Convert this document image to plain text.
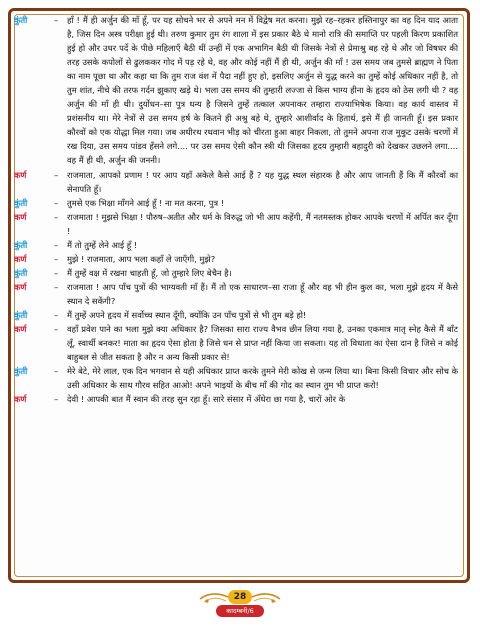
कुंती	–	हाँ ! मैं ही अर्जुन की माँ हूँ, पर यह सोचने भर से अपने मन में विद्वेष मत करना। मुझे रह–रहकर हस्तिनापुर का वह दिन याद आता है, जिस दिन अस्त्र परीक्षा हुई थी। तरुण कुमार तुम रंग शाला में इस प्रकार बैठे थे मानो रात्रि की समाप्ति पर पहली किरण प्रकाशित हुई हो और उधर पर्दे के पीछे महिलाएँ बैठी थीं उन्हीं में एक अभागिन बैठी थी जिसके नेत्रों से प्रेमाश्रु बह रहे थे और जो विषधर की तरह उसके कपोलों से ढुलककर गोद में पड़ रहे थे, वह और कोई नहीं मैं ही थी, अर्जुन की माँ ! उस समय जब तुमसे ब्राह्मण ने पिता का नाम पूछा था और कहा था कि तुम राज वंश में पैदा नहीं हुए हो, इसलिए अर्जुन से युद्ध करने का तुम्हें कोई अधिकार नहीं है, तो तुम शांत, नीचे की तरफ गर्दन झुकाए खड़े थे। भला उस समय की तुम्हारी लज्जा से किस भाग्य हीना के हृदय को ठेस लगी थी ? वह अर्जुन की माँ ही थी। दुर्योधन–सा पुत्र धन्य है जिसने तुम्हें तत्काल अपनाकर तम्हारा राज्याभिषेक किया। वह कार्य वास्तव में प्रशंसनीय था। मेरे नेत्रों से उस समय हर्ष के कितने ही अश्रु बहे थे, तुम्हारे आशीर्वाद के हितार्थ, इसे मैं ही जानती हूँ। इस प्रकार कौरवों को एक योद्धा मिल गया। जब अधीरथ रथवान भीड़ को चीरता हुआ बाहर निकला, तो तुमने अपना राज मुकुट उसके चरणों में रख दिया, उस समय पांडव हँसने लगे.... पर उस समय ऐसी कौन स्त्री थी जिसका हृदय तुम्हारी बहादुरी को देखकर उछलने लगा.... वह मैं ही थी, अर्जुन की जननी।
कर्ण	–	राजमाता, आपको प्रणाम ! पर आप यहाँ अकेले कैसे आई हैं ? यह युद्ध स्थल संहारक है और आप जानती हैं कि मैं कौरवों का सेनापति हूँ।
कुंती	–	तुमसे एक भिक्षा माँगने आई हूँ ! ना मत करना, पुत्र !
कर्ण	–	राजमाता ! मुझसे भिक्षा ! पौरुष–अतीत और धर्म के विरुद्ध जो भी आप कहेंगी, मैं नतमस्तक होकर आपके चरणों में अर्पित कर दूँगा !
कुंती	–	मैं तो तुम्हें लेने आई हूँ !
कर्ण	–	मुझे ! राजमाता, आप भला कहाँ ले जाएँगी, मुझे?
कुंती	–	मैं तुम्हें वक्ष में रखना चाहती हूँ, जो तुम्हारे लिए बेचैन है।
कर्ण	–	राजमाता ! आप पाँच पुत्रों की भाग्यवती माँ हैं। मैं तो एक साधारण–सा राजा हूँ और वह भी हीन कुल का, भला मुझे हृदय में कैसे स्थान दे सकेंगी?
कुंती	–	मैं तुम्हें अपने हृदय में सर्वोच्च स्थान दूँगी, क्योंकि उन पाँच पुत्रों से भी तुम बड़े हो!
कर्ण	–	वहाँ प्रवेश पाने का भला मुझे क्या अधिकार है? जिसका सारा राज्य वैभव छीन लिया गया है, उनका एकमात्र मातृ स्नेह कैसे मैं बाँट लूँ, स्वार्थी बनकर! माता का हृदय ऐसा होता है जिसे धन से प्राप्त नहीं किया जा सकता। यह तो विधाता का ऐसा दान है जिसे न कोई बाहुबल से जीत सकता है और न अन्य किसी प्रकार से!
कुंती	–	मेरे बेटे, मेरे लाल, एक दिन भगवान से यही अधिकार प्राप्त करके तुमने मेरी कोख से जन्म लिया था। बिना किसी विचार और सोच के उसी अधिकार के साथ गौरव सहित आओ! अपने भाइयों के बीच माँ की गोद का स्थान तुम भी प्राप्त करो!
कर्ण	–	देवी ! आपकी बात मैं स्वान की तरह सुन रहा हूँ। सारे संसार में अँधेरा छा गया है, चारों ओर के
28
कादम्बनी/6
